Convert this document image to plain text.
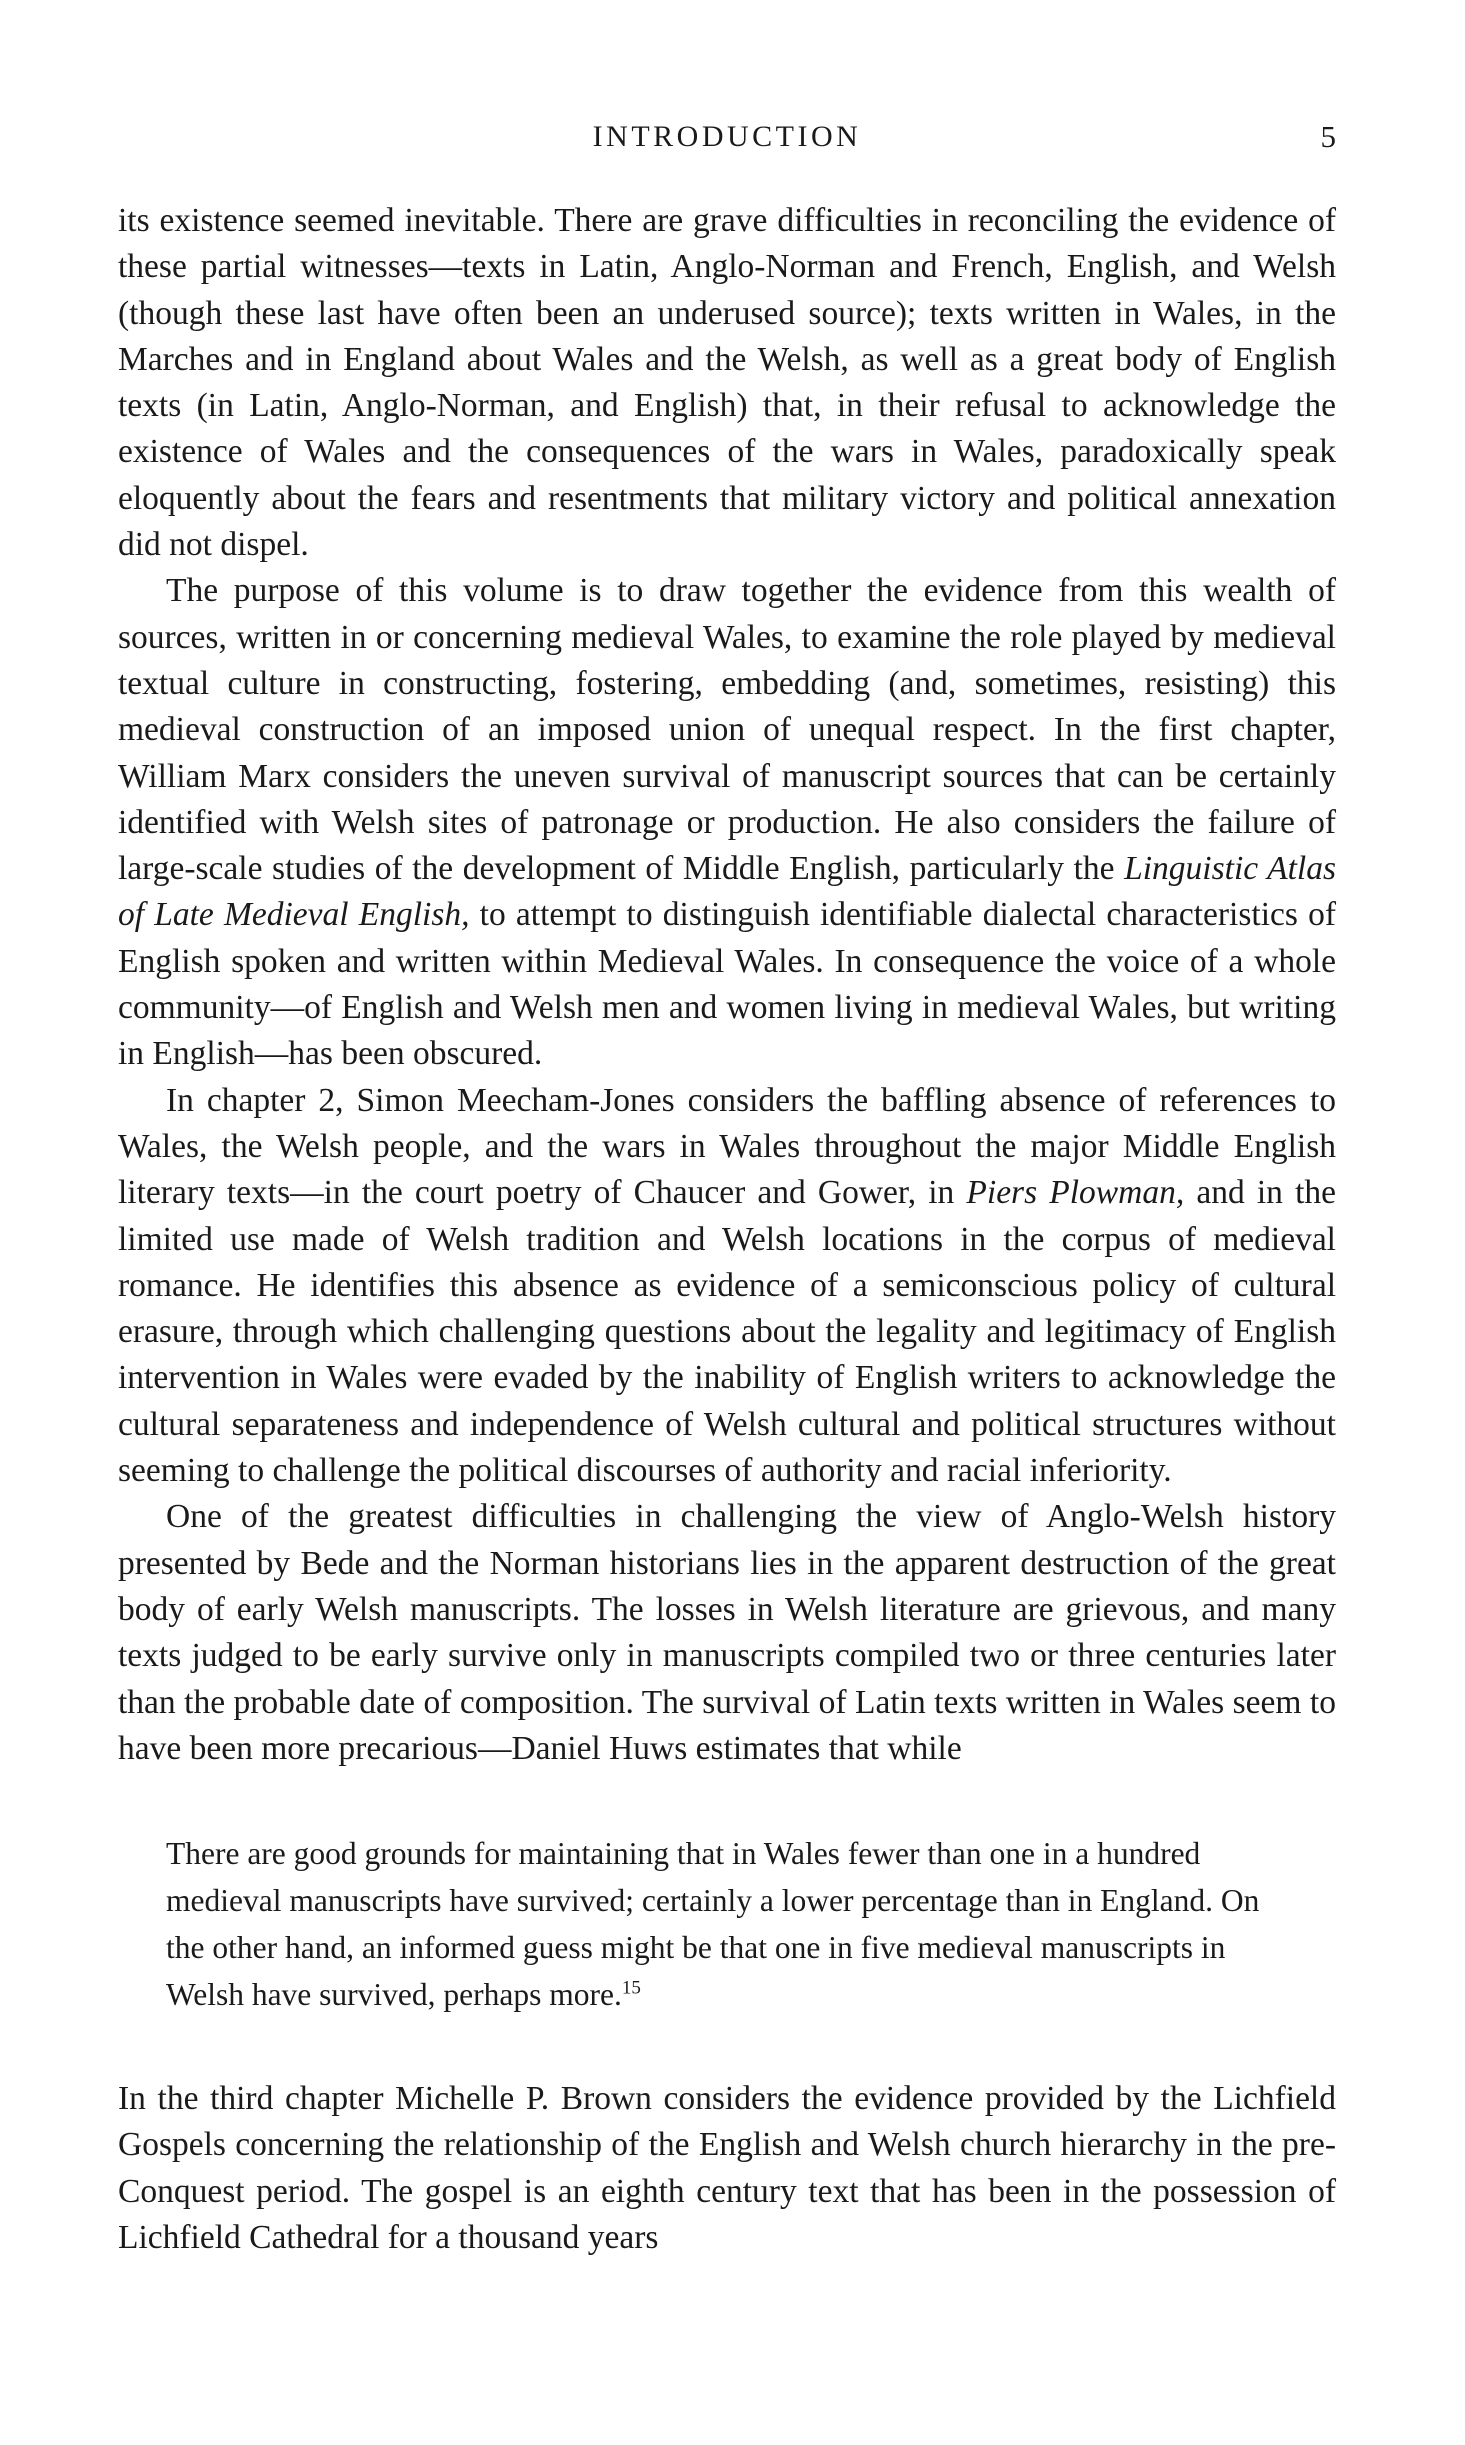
INTRODUCTION	5

its existence seemed inevitable. There are grave difficulties in reconciling the evidence of these partial witnesses—texts in Latin, Anglo-Norman and French, English, and Welsh (though these last have often been an underused source); texts written in Wales, in the Marches and in England about Wales and the Welsh, as well as a great body of English texts (in Latin, Anglo-Norman, and English) that, in their refusal to acknowledge the existence of Wales and the consequences of the wars in Wales, paradoxically speak eloquently about the fears and resentments that military victory and political annexation did not dispel.

The purpose of this volume is to draw together the evidence from this wealth of sources, written in or concerning medieval Wales, to examine the role played by medieval textual culture in constructing, fostering, embedding (and, sometimes, resisting) this medieval construction of an imposed union of unequal respect. In the first chapter, William Marx considers the uneven survival of manuscript sources that can be certainly identified with Welsh sites of patronage or production. He also considers the failure of large-scale studies of the development of Middle English, particularly the Linguistic Atlas of Late Medieval English, to attempt to distinguish identifiable dialectal characteristics of English spoken and written within Medieval Wales. In consequence the voice of a whole community—of English and Welsh men and women living in medieval Wales, but writing in English—has been obscured.

In chapter 2, Simon Meecham-Jones considers the baffling absence of references to Wales, the Welsh people, and the wars in Wales throughout the major Middle English literary texts—in the court poetry of Chaucer and Gower, in Piers Plowman, and in the limited use made of Welsh tradition and Welsh locations in the corpus of medieval romance. He identifies this absence as evidence of a semiconscious policy of cultural erasure, through which challenging questions about the legality and legitimacy of English intervention in Wales were evaded by the inability of English writers to acknowledge the cultural separateness and independence of Welsh cultural and political structures without seeming to challenge the political discourses of authority and racial inferiority.

One of the greatest difficulties in challenging the view of Anglo-Welsh history presented by Bede and the Norman historians lies in the apparent destruction of the great body of early Welsh manuscripts. The losses in Welsh literature are grievous, and many texts judged to be early survive only in manuscripts compiled two or three centuries later than the probable date of composition. The survival of Latin texts written in Wales seem to have been more precarious—Daniel Huws estimates that while

There are good grounds for maintaining that in Wales fewer than one in a hundred medieval manuscripts have survived; certainly a lower percentage than in England. On the other hand, an informed guess might be that one in five medieval manuscripts in Welsh have survived, perhaps more.$^{15}$

In the third chapter Michelle P. Brown considers the evidence provided by the Lichfield Gospels concerning the relationship of the English and Welsh church hierarchy in the pre-Conquest period. The gospel is an eighth century text that has been in the possession of Lichfield Cathedral for a thousand years
